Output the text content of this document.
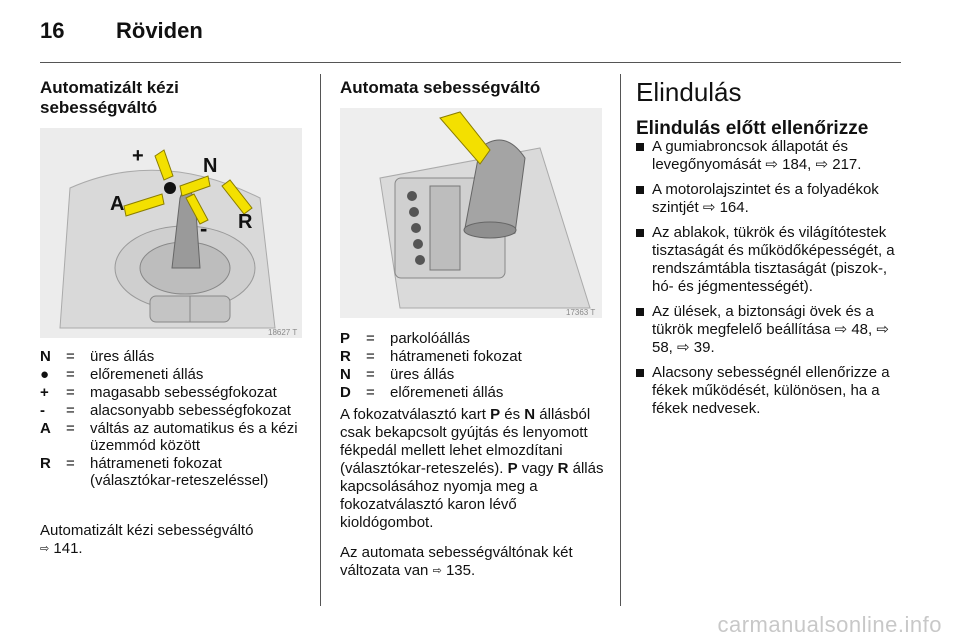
16 Röviden
Automatizált kézi sebességváltó
+	N
A
R
-
18627 T
N	=	üres állás
●	=	előremeneti állás
+	=	magasabb sebességfokozat
-	=	alacsonyabb sebességfokozat
A	=	váltás az automatikus és a kézi üzemmód között
R	=	hátrameneti fokozat (választókar-reteszeléssel)

Automatizált kézi sebességváltó
⇨ 141.

Automata sebességváltó
17363 T
P	=	parkolóállás
R	=	hátrameneti fokozat
N	=	üres állás
D	=	előremeneti állás

A fokozatválasztó kart P és N állásból csak bekapcsolt gyújtás és lenyomott fékpedál mellett lehet elmozdítani (választókar-reteszelés). P vagy R állás kapcsolásához nyomja meg a fokozatválasztó karon lévő kioldógombot.

Az automata sebességváltónak két változata van ⇨ 135.

Elindulás
Elindulás előtt ellenőrizze
A gumiabroncsok állapotát és levegőnyomását ⇨ 184, ⇨ 217.
A motorolajszintet és a folyadékok szintjét ⇨ 164.
Az ablakok, tükrök és világítótestek tisztaságát és működőképességét, a rendszámtábla tisztaságát (piszok-, hó- és jégmentességét).
Az ülések, a biztonsági övek és a tükrök megfelelő beállítása ⇨ 48, ⇨ 58, ⇨ 39.
Alacsony sebességnél ellenőrizze a fékek működését, különösen, ha a fékek nedvesek.
carmanualsonline.info
